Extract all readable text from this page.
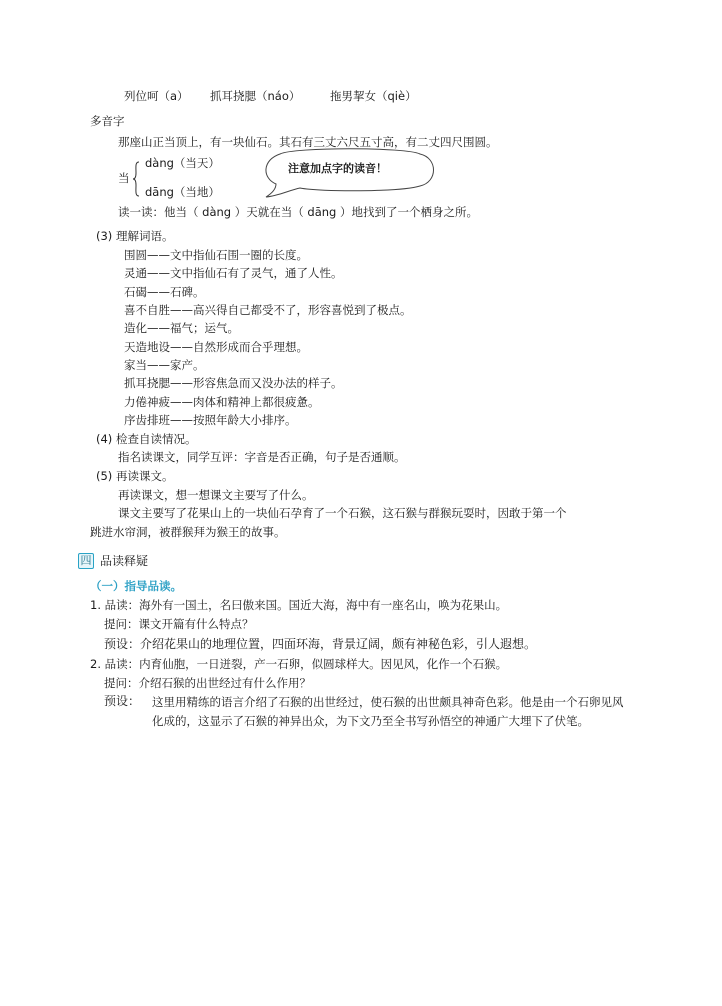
列位呵（a） 抓耳挠腮（náo）	拖男挈女（qiè）
多音字
那座山正当顶上，有一块仙石。其石有三丈六尺五寸高，有二丈四尺围圆。
当
dàng（当天）
dāng（当地）
注意加点字的读音！
读一读：他当（ dàng ）天就在当（ dāng ）地找到了一个栖身之所。
(3) 理解词语。
围圆——文中指仙石围一圈的长度。
灵通——文中指仙石有了灵气，通了人性。
石碣——石碑。
喜不自胜——高兴得自己都受不了，形容喜悦到了极点。
造化——福气；运气。
天造地设——自然形成而合乎理想。
家当——家产。
抓耳挠腮——形容焦急而又没办法的样子。
力倦神疲——肉体和精神上都很疲惫。
序齿排班——按照年龄大小排序。
(4) 检查自读情况。
指名读课文，同学互评：字音是否正确，句子是否通顺。
(5) 再读课文。
再读课文，想一想课文主要写了什么。
课文主要写了花果山上的一块仙石孕育了一个石猴，这石猴与群猴玩耍时，因敢于第一个
跳进水帘洞，被群猴拜为猴王的故事。
四 品读释疑
（一）指导品读。
1. 品读：海外有一国土，名曰傲来国。国近大海，海中有一座名山，唤为花果山。
提问：课文开篇有什么特点？
预设：介绍花果山的地理位置，四面环海，背景辽阔，颇有神秘色彩，引人遐想。
2. 品读：内育仙胞，一日迸裂，产一石卵，似圆球样大。因见风，化作一个石猴。
提问：介绍石猴的出世经过有什么作用？
预设： 这里用精练的语言介绍了石猴的出世经过，使石猴的出世颇具神奇色彩。他是由一个石卵见风化成的，这显示了石猴的神异出众，为下文乃至全书写孙悟空的神通广大埋下了伏笔。
